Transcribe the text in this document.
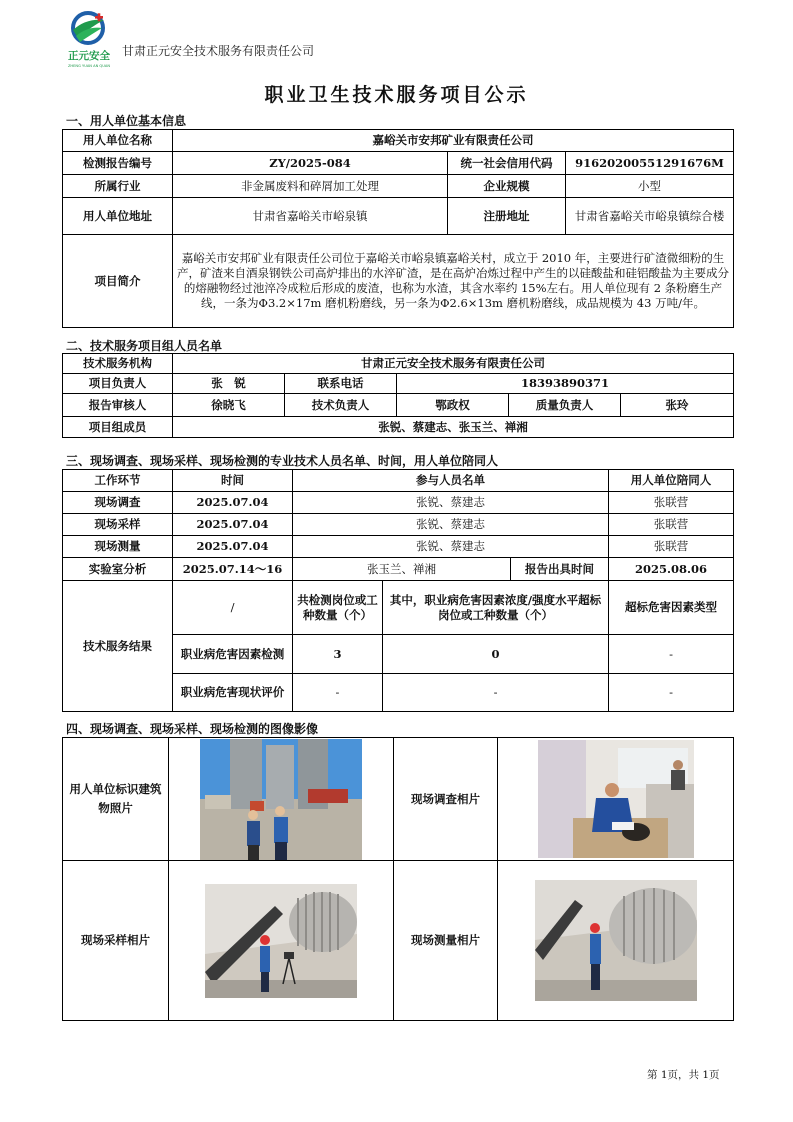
正元安全
ZHENG YUAN AN QUAN
甘肃正元安全技术服务有限责任公司
职业卫生技术服务项目公示
一、用人单位基本信息
用人单位名称	嘉峪关市安邦矿业有限责任公司		
检测报告编号	ZY/2025-084	统一社会信用代码	91620200551291676M
所属行业	非金属废料和碎屑加工处理	企业规模	小型
用人单位地址	甘肃省嘉峪关市峪泉镇	注册地址	甘肃省嘉峪关市峪泉镇综合楼
项目简介	嘉峪关市安邦矿业有限责任公司位于嘉峪关市峪泉镇嘉峪关村，成立于 2010 年，主要进行矿渣微细粉的生产，矿渣来自酒泉钢铁公司高炉排出的水淬矿渣，是在高炉冶炼过程中产生的以硅酸盐和硅铝酸盐为主要成分的熔融物经过池淬冷成粒后形成的废渣，也称为水渣，其含水率约 15%左右。用人单位现有 2 条粉磨生产线，一条为Φ3.2×17m 磨机粉磨线，另一条为Φ2.6×13m 磨机粉磨线，成品规模为 43 万吨/年。		
二、技术服务项目组人员名单
技术服务机构	甘肃正元安全技术服务有限责任公司				
项目负责人	张　锐	联系电话	18393890371		
报告审核人	徐晓飞	技术负责人	鄂政权	质量负责人	张玲
项目组成员	张锐、蔡建志、张玉兰、禅湘				
三、现场调查、现场采样、现场检测的专业技术人员名单、时间，用人单位陪同人
工作环节	时间	参与人员名单			用人单位陪同人
现场调查	2025.07.04	张锐、蔡建志			张联营
现场采样	2025.07.04	张锐、蔡建志			张联营
现场测量	2025.07.04	张锐、蔡建志			张联营
实验室分析	2025.07.14～16	张玉兰、禅湘		报告出具时间	2025.08.06
技术服务结果	/	共检测岗位或工种数量（个）	其中，职业病危害因素浓度/强度水平超标岗位或工种数量（个）		超标危害因素类型
	职业病危害因素检测	3	0		-
	职业病危害现状评价	-	-		-
四、现场调查、现场采样、现场检测的图像影像
用人单位标识建筑物照片		现场调查相片	

现场采样相片		现场测量相片	
第 1页，共 1页
